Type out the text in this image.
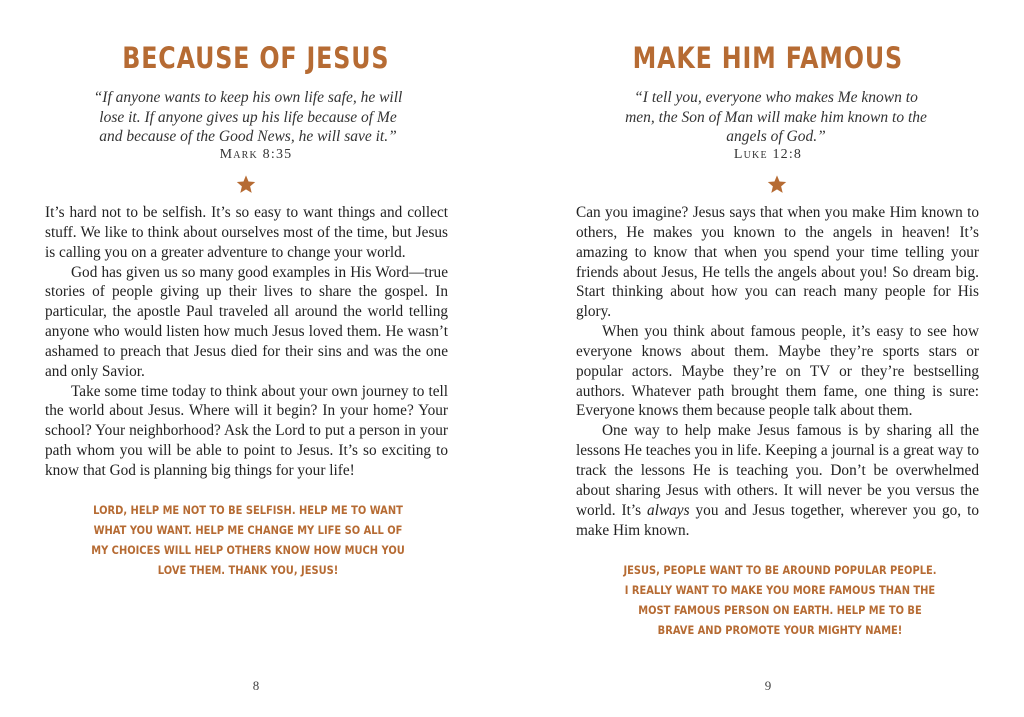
BECAUSE OF JESUS

“If anyone wants to keep his own life safe, he will lose it. If anyone gives up his life because of Me and because of the Good News, he will save it.”

Mark 8:35

It’s hard not to be selfish. It’s so easy to want things and collect stuff. We like to think about ourselves most of the time, but Jesus is calling you on a greater adventure to change your world.

God has given us so many good examples in His Word—true stories of people giving up their lives to share the gospel. In particular, the apostle Paul traveled all around the world telling anyone who would listen how much Jesus loved them. He wasn’t ashamed to preach that Jesus died for their sins and was the one and only Savior.

Take some time today to think about your own journey to tell the world about Jesus. Where will it begin? In your home? Your school? Your neighborhood? Ask the Lord to put a person in your path whom you will be able to point to Jesus. It’s so exciting to know that God is planning big things for your life!

LORD, HELP ME NOT TO BE SELFISH. HELP ME TO WANT WHAT YOU WANT. HELP ME CHANGE MY LIFE SO ALL OF MY CHOICES WILL HELP OTHERS KNOW HOW MUCH YOU LOVE THEM. THANK YOU, JESUS!
8
MAKE HIM FAMOUS

“I tell you, everyone who makes Me known to men, the Son of Man will make him known to the angels of God.”

Luke 12:8

Can you imagine? Jesus says that when you make Him known to others, He makes you known to the angels in heaven! It’s amazing to know that when you spend your time telling your friends about Jesus, He tells the angels about you! So dream big. Start thinking about how you can reach many people for His glory.

When you think about famous people, it’s easy to see how everyone knows about them. Maybe they’re sports stars or popular actors. Maybe they’re on TV or they’re bestselling authors. Whatever path brought them fame, one thing is sure: Everyone knows them because people talk about them.

One way to help make Jesus famous is by sharing all the lessons He teaches you in life. Keeping a journal is a great way to track the lessons He is teaching you. Don’t be overwhelmed about sharing Jesus with others. It will never be you versus the world. It’s always you and Jesus together, wherever you go, to make Him known.

JESUS, PEOPLE WANT TO BE AROUND POPULAR PEOPLE. I REALLY WANT TO MAKE YOU MORE FAMOUS THAN THE MOST FAMOUS PERSON ON EARTH. HELP ME TO BE BRAVE AND PROMOTE YOUR MIGHTY NAME!
9
